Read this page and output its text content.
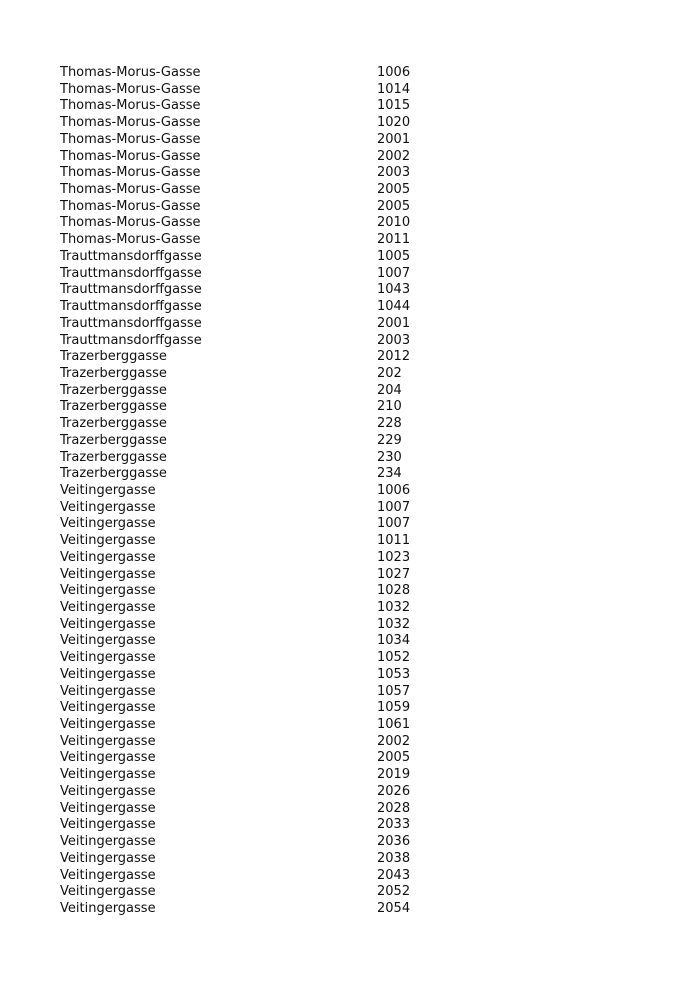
Thomas-Morus-Gasse	1006
Thomas-Morus-Gasse	1014
Thomas-Morus-Gasse	1015
Thomas-Morus-Gasse	1020
Thomas-Morus-Gasse	2001
Thomas-Morus-Gasse	2002
Thomas-Morus-Gasse	2003
Thomas-Morus-Gasse	2005
Thomas-Morus-Gasse	2005
Thomas-Morus-Gasse	2010
Thomas-Morus-Gasse	2011
Trauttmansdorffgasse	1005
Trauttmansdorffgasse	1007
Trauttmansdorffgasse	1043
Trauttmansdorffgasse	1044
Trauttmansdorffgasse	2001
Trauttmansdorffgasse	2003
Trazerberggasse	2012
Trazerberggasse	202
Trazerberggasse	204
Trazerberggasse	210
Trazerberggasse	228
Trazerberggasse	229
Trazerberggasse	230
Trazerberggasse	234
Veitingergasse	1006
Veitingergasse	1007
Veitingergasse	1007
Veitingergasse	1011
Veitingergasse	1023
Veitingergasse	1027
Veitingergasse	1028
Veitingergasse	1032
Veitingergasse	1032
Veitingergasse	1034
Veitingergasse	1052
Veitingergasse	1053
Veitingergasse	1057
Veitingergasse	1059
Veitingergasse	1061
Veitingergasse	2002
Veitingergasse	2005
Veitingergasse	2019
Veitingergasse	2026
Veitingergasse	2028
Veitingergasse	2033
Veitingergasse	2036
Veitingergasse	2038
Veitingergasse	2043
Veitingergasse	2052
Veitingergasse	2054
